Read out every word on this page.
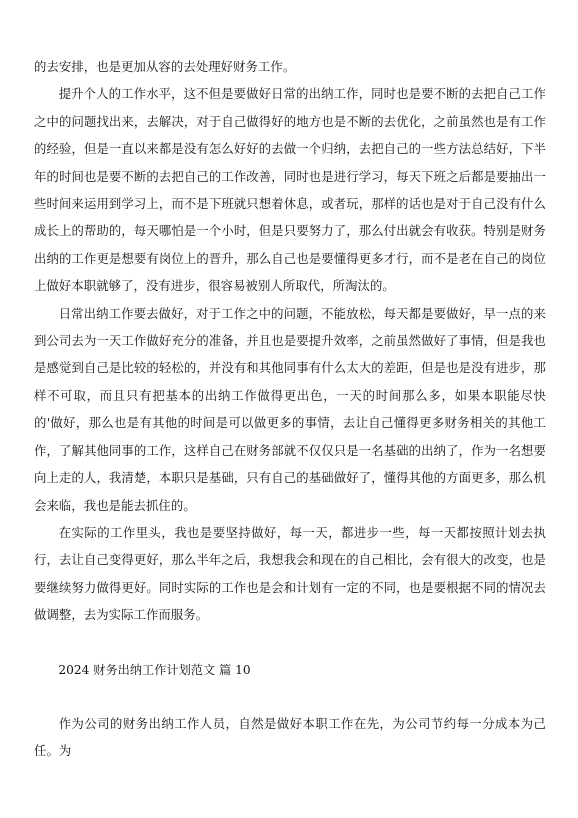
的去安排，也是更加从容的去处理好财务工作。

提升个人的工作水平，这不但是要做好日常的出纳工作，同时也是要不断的去把自己工作之中的问题找出来，去解决，对于自己做得好的地方也是不断的去优化，之前虽然也是有工作的经验，但是一直以来都是没有怎么好好的去做一个归纳，去把自己的一些方法总结好，下半年的时间也是要不断的去把自己的工作改善，同时也是进行学习，每天下班之后都是要抽出一些时间来运用到学习上，而不是下班就只想着休息，或者玩，那样的话也是对于自己没有什么成长上的帮助的，每天哪怕是一个小时，但是只要努力了，那么付出就会有收获。特别是财务出纳的工作更是想要有岗位上的晋升，那么自己也是要懂得更多才行，而不是老在自己的岗位上做好本职就够了，没有进步，很容易被别人所取代，所淘汰的。

日常出纳工作要去做好，对于工作之中的问题，不能放松，每天都是要做好，早一点的来到公司去为一天工作做好充分的准备，并且也是要提升效率，之前虽然做好了事情，但是我也是感觉到自己是比较的轻松的，并没有和其他同事有什么太大的差距，但是也是没有进步，那样不可取，而且只有把基本的出纳工作做得更出色，一天的时间那么多，如果本职能尽快的'做好，那么也是有其他的时间是可以做更多的事情，去让自己懂得更多财务相关的其他工作，了解其他同事的工作，这样自己在财务部就不仅仅只是一名基础的出纳了，作为一名想要向上走的人，我清楚，本职只是基础，只有自己的基础做好了，懂得其他的方面更多，那么机会来临，我也是能去抓住的。

在实际的工作里头，我也是要坚持做好，每一天，都进步一些，每一天都按照计划去执行，去让自己变得更好，那么半年之后，我想我会和现在的自己相比，会有很大的改变，也是要继续努力做得更好。同时实际的工作也是会和计划有一定的不同，也是要根据不同的情况去做调整，去为实际工作而服务。

2024 财务出纳工作计划范文 篇 10

作为公司的财务出纳工作人员，自然是做好本职工作在先，为公司节约每一分成本为己任。为
